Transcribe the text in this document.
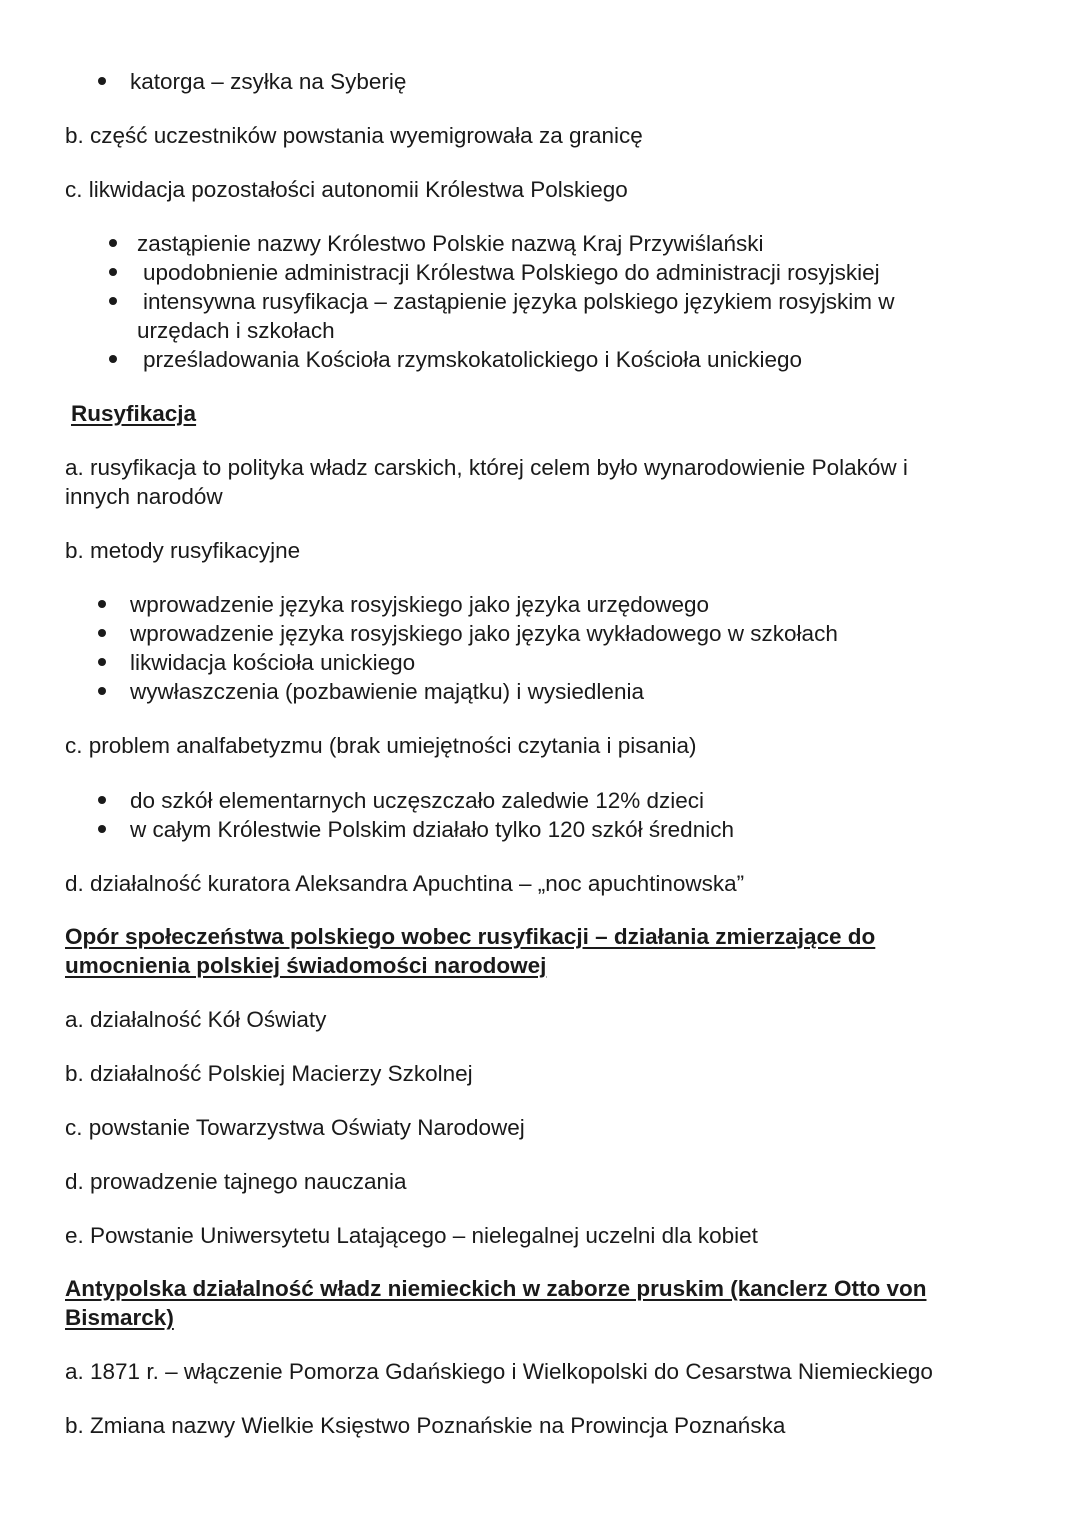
katorga – zsyłka na Syberię
b. część uczestników powstania wyemigrowała za granicę
c. likwidacja pozostałości autonomii Królestwa Polskiego
zastąpienie nazwy Królestwo Polskie nazwą Kraj Przywiślański
upodobnienie administracji Królestwa Polskiego do administracji rosyjskiej
intensywna rusyfikacja – zastąpienie języka polskiego językiem rosyjskim w
urzędach i szkołach
prześladowania Kościoła rzymskokatolickiego i Kościoła unickiego
Rusyfikacja
a. rusyfikacja to polityka władz carskich, której celem było wynarodowienie Polaków i
innych narodów
b. metody rusyfikacyjne
wprowadzenie języka rosyjskiego jako języka urzędowego
wprowadzenie języka rosyjskiego jako języka wykładowego w szkołach
likwidacja kościoła unickiego
wywłaszczenia (pozbawienie majątku) i wysiedlenia
c. problem analfabetyzmu (brak umiejętności czytania i pisania)
do szkół elementarnych uczęszczało zaledwie 12% dzieci
w całym Królestwie Polskim działało tylko 120 szkół średnich
d. działalność kuratora Aleksandra Apuchtina – „noc apuchtinowska”
Opór społeczeństwa polskiego wobec rusyfikacji – działania zmierzające do
umocnienia polskiej świadomości narodowej
a. działalność Kół Oświaty
b. działalność Polskiej Macierzy Szkolnej
c. powstanie Towarzystwa Oświaty Narodowej
d. prowadzenie tajnego nauczania
e. Powstanie Uniwersytetu Latającego – nielegalnej uczelni dla kobiet
Antypolska działalność władz niemieckich w zaborze pruskim (kanclerz Otto von
Bismarck)
a. 1871 r. – włączenie Pomorza Gdańskiego i Wielkopolski do Cesarstwa Niemieckiego
b. Zmiana nazwy Wielkie Księstwo Poznańskie na Prowincja Poznańska
